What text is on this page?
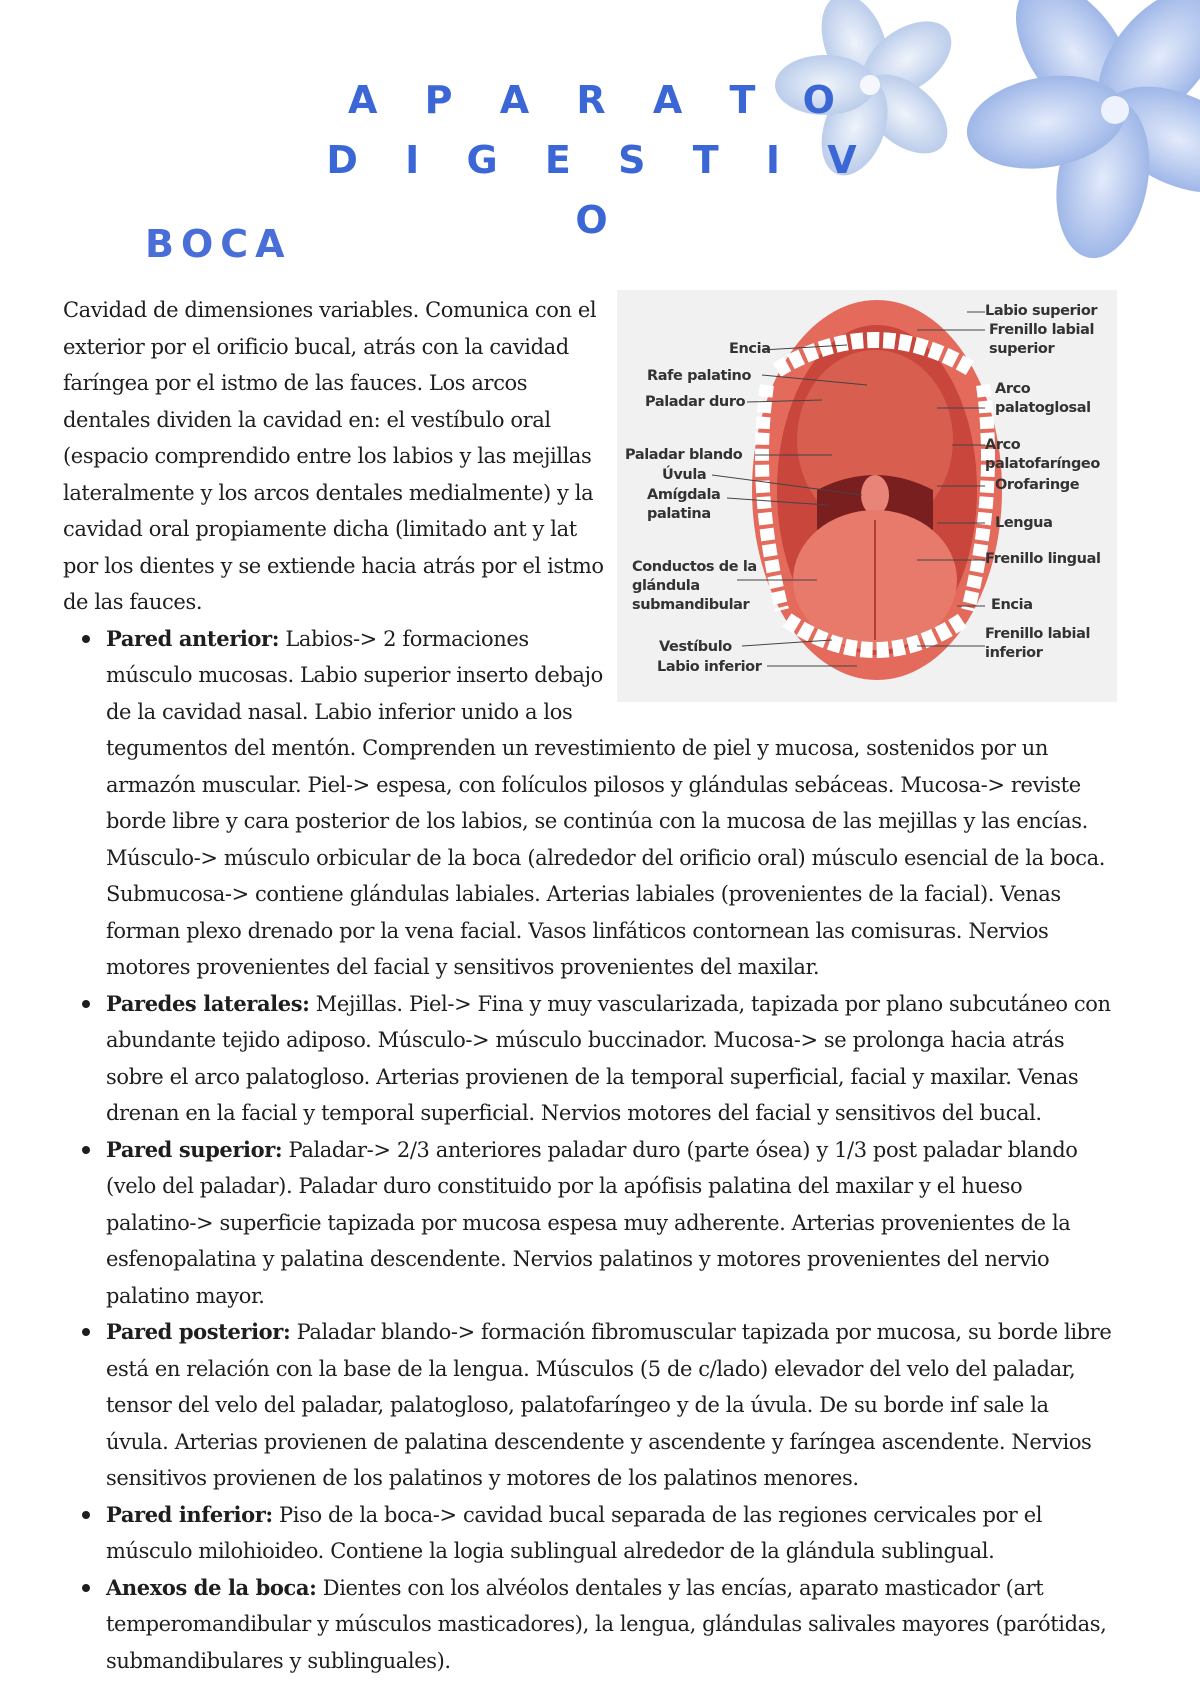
A P A R A T O
D I G E S T I V O
BOCA
Encia
Rafe palatino
Paladar duro
Paladar blando
Úvula
Amígdala palatina
Conductos de la glándula submandibular
Vestíbulo
Labio inferior
Labio superior
Frenillo labial superior
Arco palatoglosal
Arco palatofaríngeo
Orofaringe
Lengua
Frenillo lingual
Encia
Frenillo labial inferior

Cavidad de dimensiones variables. Comunica con el exterior por el orificio bucal, atrás con la cavidad faríngea por el istmo de las fauces. Los arcos dentales dividen la cavidad en: el vestíbulo oral (espacio comprendido entre los labios y las mejillas lateralmente y los arcos dentales medialmente) y la cavidad oral propiamente dicha (limitado ant y lat por los dientes y se extiende hacia atrás por el istmo de las fauces.

Pared anterior: Labios-> 2 formaciones músculo mucosas. Labio superior inserto debajo de la cavidad nasal. Labio inferior unido a los tegumentos del mentón. Comprenden un revestimiento de piel y mucosa, sostenidos por un armazón muscular. Piel-> espesa, con folículos pilosos y glándulas sebáceas. Mucosa-> reviste borde libre y cara posterior de los labios, se continúa con la mucosa de las mejillas y las encías. Músculo-> músculo orbicular de la boca (alrededor del orificio oral) músculo esencial de la boca. Submucosa-> contiene glándulas labiales. Arterias labiales (provenientes de la facial). Venas forman plexo drenado por la vena facial. Vasos linfáticos contornean las comisuras. Nervios motores provenientes del facial y sensitivos provenientes del maxilar.
Paredes laterales: Mejillas. Piel-> Fina y muy vascularizada, tapizada por plano subcutáneo con abundante tejido adiposo. Músculo-> músculo buccinador. Mucosa-> se prolonga hacia atrás sobre el arco palatogloso. Arterias provienen de la temporal superficial, facial y maxilar. Venas drenan en la facial y temporal superficial. Nervios motores del facial y sensitivos del bucal.
Pared superior: Paladar-> 2/3 anteriores paladar duro (parte ósea) y 1/3 post paladar blando (velo del paladar). Paladar duro constituido por la apófisis palatina del maxilar y el hueso palatino-> superficie tapizada por mucosa espesa muy adherente. Arterias provenientes de la esfenopalatina y palatina descendente. Nervios palatinos y motores provenientes del nervio palatino mayor.
Pared posterior: Paladar blando-> formación fibromuscular tapizada por mucosa, su borde libre está en relación con la base de la lengua. Músculos (5 de c/lado) elevador del velo del paladar, tensor del velo del paladar, palatogloso, palatofaríngeo y de la úvula. De su borde inf sale la úvula. Arterias provienen de palatina descendente y ascendente y faríngea ascendente. Nervios sensitivos provienen de los palatinos y motores de los palatinos menores.
Pared inferior: Piso de la boca-> cavidad bucal separada de las regiones cervicales por el músculo milohioideo. Contiene la logia sublingual alrededor de la glándula sublingual.
Anexos de la boca: Dientes con los alvéolos dentales y las encías, aparato masticador (art temperomandibular y músculos masticadores), la lengua, glándulas salivales mayores (parótidas, submandibulares y sublinguales).
